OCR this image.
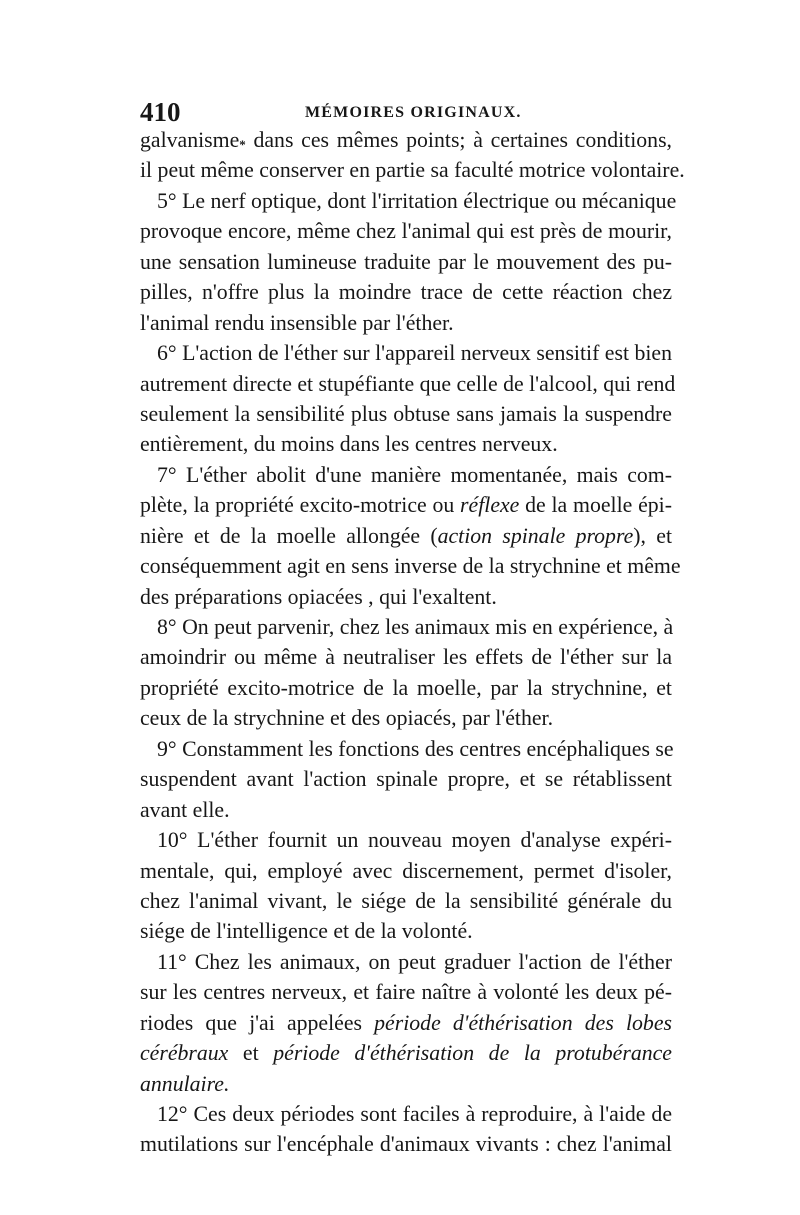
410	MÉMOIRES ORIGINAUX.
galvanisme* dans ces mêmes points; à certaines conditions,
il peut même conserver en partie sa faculté motrice volontaire.
5° Le nerf optique, dont l'irritation électrique ou mécanique
provoque encore, même chez l'animal qui est près de mourir,
une sensation lumineuse traduite par le mouvement des pu-
pilles, n'offre plus la moindre trace de cette réaction chez
l'animal rendu insensible par l'éther.
6° L'action de l'éther sur l'appareil nerveux sensitif est bien
autrement directe et stupéfiante que celle de l'alcool, qui rend
seulement la sensibilité plus obtuse sans jamais la suspendre
entièrement, du moins dans les centres nerveux.
7° L'éther abolit d'une manière momentanée, mais com-
plète, la propriété excito-motrice ou réflexe de la moelle épi-
nière et de la moelle allongée (action spinale propre), et
conséquemment agit en sens inverse de la strychnine et même
des préparations opiacées , qui l'exaltent.
8° On peut parvenir, chez les animaux mis en expérience, à
amoindrir ou même à neutraliser les effets de l'éther sur la
propriété excito-motrice de la moelle, par la strychnine, et
ceux de la strychnine et des opiacés, par l'éther.
9° Constamment les fonctions des centres encéphaliques se
suspendent avant l'action spinale propre, et se rétablissent
avant elle.
10° L'éther fournit un nouveau moyen d'analyse expéri-
mentale, qui, employé avec discernement, permet d'isoler,
chez l'animal vivant, le siége de la sensibilité générale du
siége de l'intelligence et de la volonté.
11° Chez les animaux, on peut graduer l'action de l'éther
sur les centres nerveux, et faire naître à volonté les deux pé-
riodes que j'ai appelées période d'éthérisation des lobes
cérébraux et période d'éthérisation de la protubérance
annulaire.
12° Ces deux périodes sont faciles à reproduire, à l'aide de
mutilations sur l'encéphale d'animaux vivants : chez l'animal
